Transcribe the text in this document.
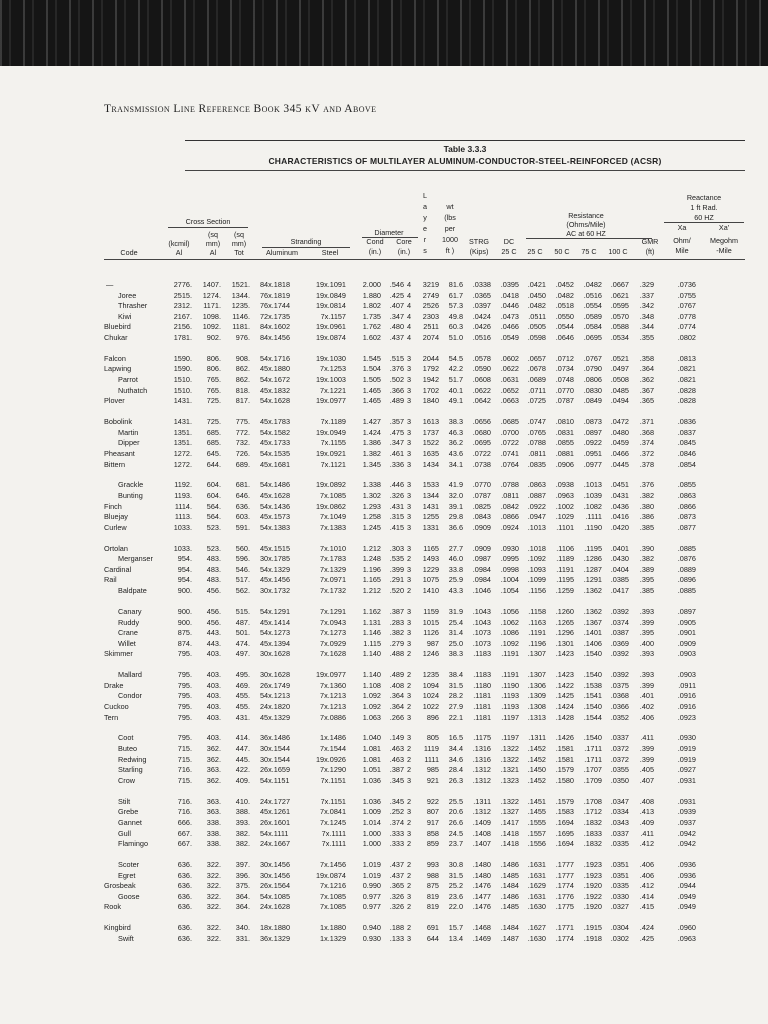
Transmission Line Reference Book 345 kV and Above
Table 3.3.3
CHARACTERISTICS OF MULTILAYER ALUMINUM-CONDUCTOR-STEEL-REINFORCED (ACSR)
Cross Section
(kcmil)
Al
(sq
mm)
Al
(sq
mm)
Tot
Stranding
Aluminum	Steel
Diameter
Cond	Core
(in.)	(in.)
L
a
y
e
r
s
wt
(lbs
per
1000
ft )
STRG
(Kips)
DC
25 C
Resistance
(Ohms/Mile)
AC at 60 HZ
25 C	50 C	75 C	100 C
GMR
(ft)
Reactance
1 ft Rad.
60 HZ
Xa	Xa'
Ohm/
Mile
Megohm
-Mile
Code
—	2776.	1407.	1521. 84x.1818	19x.1091	2.000	.546 4	3219	81.6	.0338	.0395	.0421	.0452	.0482	.0667	.329	.0736
Joree	2515.	1274.	1344. 76x.1819	19x.0849	1.880	.425 4	2749	61.7	.0365	.0418	.0450	.0482	.0516	.0621	.337	.0755
Thrasher	2312.	1171.	1235. 76x.1744	19x.0814	1.802	.407 4	2526	57.3	.0397	.0446	.0482	.0518	.0554	.0595	.342	.0767
Kiwi	2167.	1098.	1146. 72x.1735	7x.1157	1.735	.347 4	2303	49.8	.0424	.0473	.0511	.0550	.0589	.0570	.348	.0778
Bluebird	2156.	1092.	1181. 84x.1602	19x.0961	1.762	.480 4	2511	60.3	.0426	.0466	.0505	.0544	.0584	.0588	.344	.0774
Chukar	1781.	902.	976. 84x.1456	19x.0874	1.602	.437 4	2074	51.0	.0516	.0549	.0598	.0646	.0695	.0534	.355	.0802
Falcon	1590.	806.	908. 54x.1716	19x.1030	1.545	.515 3	2044	54.5	.0578	.0602	.0657	.0712	.0767	.0521	.358	.0813
Lapwing	1590.	806.	862. 45x.1880	7x.1253	1.504	.376 3	1792	42.2	.0590	.0622	.0678	.0734	.0790	.0497	.364	.0821
Parrot	1510.	765.	862. 54x.1672	19x.1003	1.505	.502 3	1942	51.7	.0608	.0631	.0689	.0748	.0806	.0508	.362	.0821
Nuthatch	1510.	765.	818. 45x.1832	7x.1221	1.465	.366 3	1702	40.1	.0622	.0652	.0711	.0770	.0830	.0485	.367	.0828
Plover	1431.	725.	817. 54x.1628	19x.0977	1.465	.489 3	1840	49.1	.0642	.0663	.0725	.0787	.0849	.0494	.365	.0828
Bobolink	1431.	725.	775. 45x.1783	7x.1189	1.427	.357 3	1613	38.3	.0656	.0685	.0747	.0810	.0873	.0472	.371	.0836
Martin	1351.	685.	772. 54x.1582	19x.0949	1.424	.475 3	1737	46.3	.0680	.0700	.0765	.0831	.0897	.0480	.368	.0837
Dipper	1351.	685.	732. 45x.1733	7x.1155	1.386	.347 3	1522	36.2	.0695	.0722	.0788	.0855	.0922	.0459	.374	.0845
Pheasant	1272.	645.	726. 54x.1535	19x.0921	1.382	.461 3	1635	43.6	.0722	.0741	.0811	.0881	.0951	.0466	.372	.0846
Bittern	1272.	644.	689. 45x.1681	7x.1121	1.345	.336 3	1434	34.1	.0738	.0764	.0835	.0906	.0977	.0445	.378	.0854
Grackle	1192.	604.	681. 54x.1486	19x.0892	1.338	.446 3	1533	41.9	.0770	.0788	.0863	.0938	.1013	.0451	.376	.0855
Bunting	1193.	604.	646. 45x.1628	7x.1085	1.302	.326 3	1344	32.0	.0787	.0811	.0887	.0963	.1039	.0431	.382	.0863
Finch	1114.	564.	636. 54x.1436	19x.0862	1.293	.431 3	1431	39.1	.0825	.0842	.0922	.1002	.1082	.0436	.380	.0866
Bluejay	1113.	564.	603. 45x.1573	7x.1049	1.258	.315 3	1255	29.8	.0843	.0866	.0947	.1029	.1111	.0416	.386	.0873
Curlew	1033.	523.	591. 54x.1383	7x.1383	1.245	.415 3	1331	36.6	.0909	.0924	.1013	.1101	.1190	.0420	.385	.0877
Ortolan	1033.	523.	560. 45x.1515	7x.1010	1.212	.303 3	1165	27.7	.0909	.0930	.1018	.1106	.1195	.0401	.390	.0885
Merganser	954.	483.	596. 30x.1785	7x.1783	1.248	.535 2	1493	46.0	.0987	.0995	.1092	.1189	.1286	.0430	.382	.0876
Cardinal	954.	483.	546. 54x.1329	7x.1329	1.196	.399 3	1229	33.8	.0984	.0998	.1093	.1191	.1287	.0404	.389	.0889
Rail	954.	483.	517. 45x.1456	7x.0971	1.165	.291 3	1075	25.9	.0984	.1004	.1099	.1195	.1291	.0385	.395	.0896
Baldpate	900.	456.	562. 30x.1732	7x.1732	1.212	.520 2	1410	43.3	.1046	.1054	.1156	.1259	.1362	.0417	.385	.0885
Canary	900.	456.	515. 54x.1291	7x.1291	1.162	.387 3	1159	31.9	.1043	.1056	.1158	.1260	.1362	.0392	.393	.0897
Ruddy	900.	456.	487. 45x.1414	7x.0943	1.131	.283 3	1015	25.4	.1043	.1062	.1163	.1265	.1367	.0374	.399	.0905
Crane	875.	443.	501. 54x.1273	7x.1273	1.146	.382 3	1126	31.4	.1073	.1086	.1191	.1296	.1401	.0387	.395	.0901
Willet	874.	443.	474. 45x.1394	7x.0929	1.115	.279 3	987	25.0	.1073	.1092	.1196	.1301	.1406	.0369	.400	.0909
Skimmer	795.	403.	497. 30x.1628	7x.1628	1.140	.488 2	1246	38.3	.1183	.1191	.1307	.1423	.1540	.0392	.393	.0903
Mallard	795.	403.	495. 30x.1628	19x.0977	1.140	.489 2	1235	38.4	.1183	.1191	.1307	.1423	.1540	.0392	.393	.0903
Drake	795.	403.	469. 26x.1749	7x.1360	1.108	.408 2	1094	31.5	.1180	.1190	.1306	.1422	.1538	.0375	.399	.0911
Condor	795.	403.	455. 54x.1213	7x.1213	1.092	.364 3	1024	28.2	.1181	.1193	.1309	.1425	.1541	.0368	.401	.0916
Cuckoo	795.	403.	455. 24x.1820	7x.1213	1.092	.364 2	1022	27.9	.1181	.1193	.1308	.1424	.1540	.0366	.402	.0916
Tern	795.	403.	431. 45x.1329	7x.0886	1.063	.266 3	896	22.1	.1181	.1197	.1313	.1428	.1544	.0352	.406	.0923
Coot	795.	403.	414. 36x.1486	1x.1486	1.040	.149 3	805	16.5	.1175	.1197	.1311	.1426	.1540	.0337	.411	.0930
Buteo	715.	362.	447. 30x.1544	7x.1544	1.081	.463 2	1119	34.4	.1316	.1322	.1452	.1581	.1711	.0372	.399	.0919
Redwing	715.	362.	445. 30x.1544	19x.0926	1.081	.463 2	1111	34.6	.1316	.1322	.1452	.1581	.1711	.0372	.399	.0919
Starling	716.	363.	422. 26x.1659	7x.1290	1.051	.387 2	985	28.4	.1312	.1321	.1450	.1579	.1707	.0355	.405	.0927
Crow	715.	362.	409. 54x.1151	7x.1151	1.036	.345 3	921	26.3	.1312	.1323	.1452	.1580	.1709	.0350	.407	.0931
Stilt	716.	363.	410. 24x.1727	7x.1151	1.036	.345 2	922	25.5	.1311	.1322	.1451	.1579	.1708	.0347	.408	.0931
Grebe	716.	363.	388. 45x.1261	7x.0841	1.009	.252 3	807	20.6	.1312	.1327	.1455	.1583	.1712	.0334	.413	.0939
Gannet	666.	338.	393. 26x.1601	7x.1245	1.014	.374 2	917	26.6	.1409	.1417	.1555	.1694	.1832	.0343	.409	.0937
Gull	667.	338.	382. 54x.1111	7x.1111	1.000	.333 3	858	24.5	.1408	.1418	.1557	.1695	.1833	.0337	.411	.0942
Flamingo	667.	338.	382. 24x.1667	7x.1111	1.000	.333 2	859	23.7	.1407	.1418	.1556	.1694	.1832	.0335	.412	.0942
Scoter	636.	322.	397. 30x.1456	7x.1456	1.019	.437 2	993	30.8	.1480	.1486	.1631	.1777	.1923	.0351	.406	.0936
Egret	636.	322.	396. 30x.1456	19x.0874	1.019	.437 2	988	31.5	.1480	.1485	.1631	.1777	.1923	.0351	.406	.0936
Grosbeak	636.	322.	375. 26x.1564	7x.1216	0.990	.365 2	875	25.2	.1476	.1484	.1629	.1774	.1920	.0335	.412	.0944
Goose	636.	322.	364. 54x.1085	7x.1085	0.977	.326 3	819	23.6	.1477	.1486	.1631	.1776	.1922	.0330	.414	.0949
Rook	636.	322.	364. 24x.1628	7x.1085	0.977	.326 2	819	22.0	.1476	.1485	.1630	.1775	.1920	.0327	.415	.0949
Kingbird	636.	322.	340. 18x.1880	1x.1880	0.940	.188 2	691	15.7	.1468	.1484	.1627	.1771	.1915	.0304	.424	.0960
Swift	636.	322.	331. 36x.1329	1x.1329	0.930	.133 3	644	13.4	.1469	.1487	.1630	.1774	.1918	.0302	.425	.0963
